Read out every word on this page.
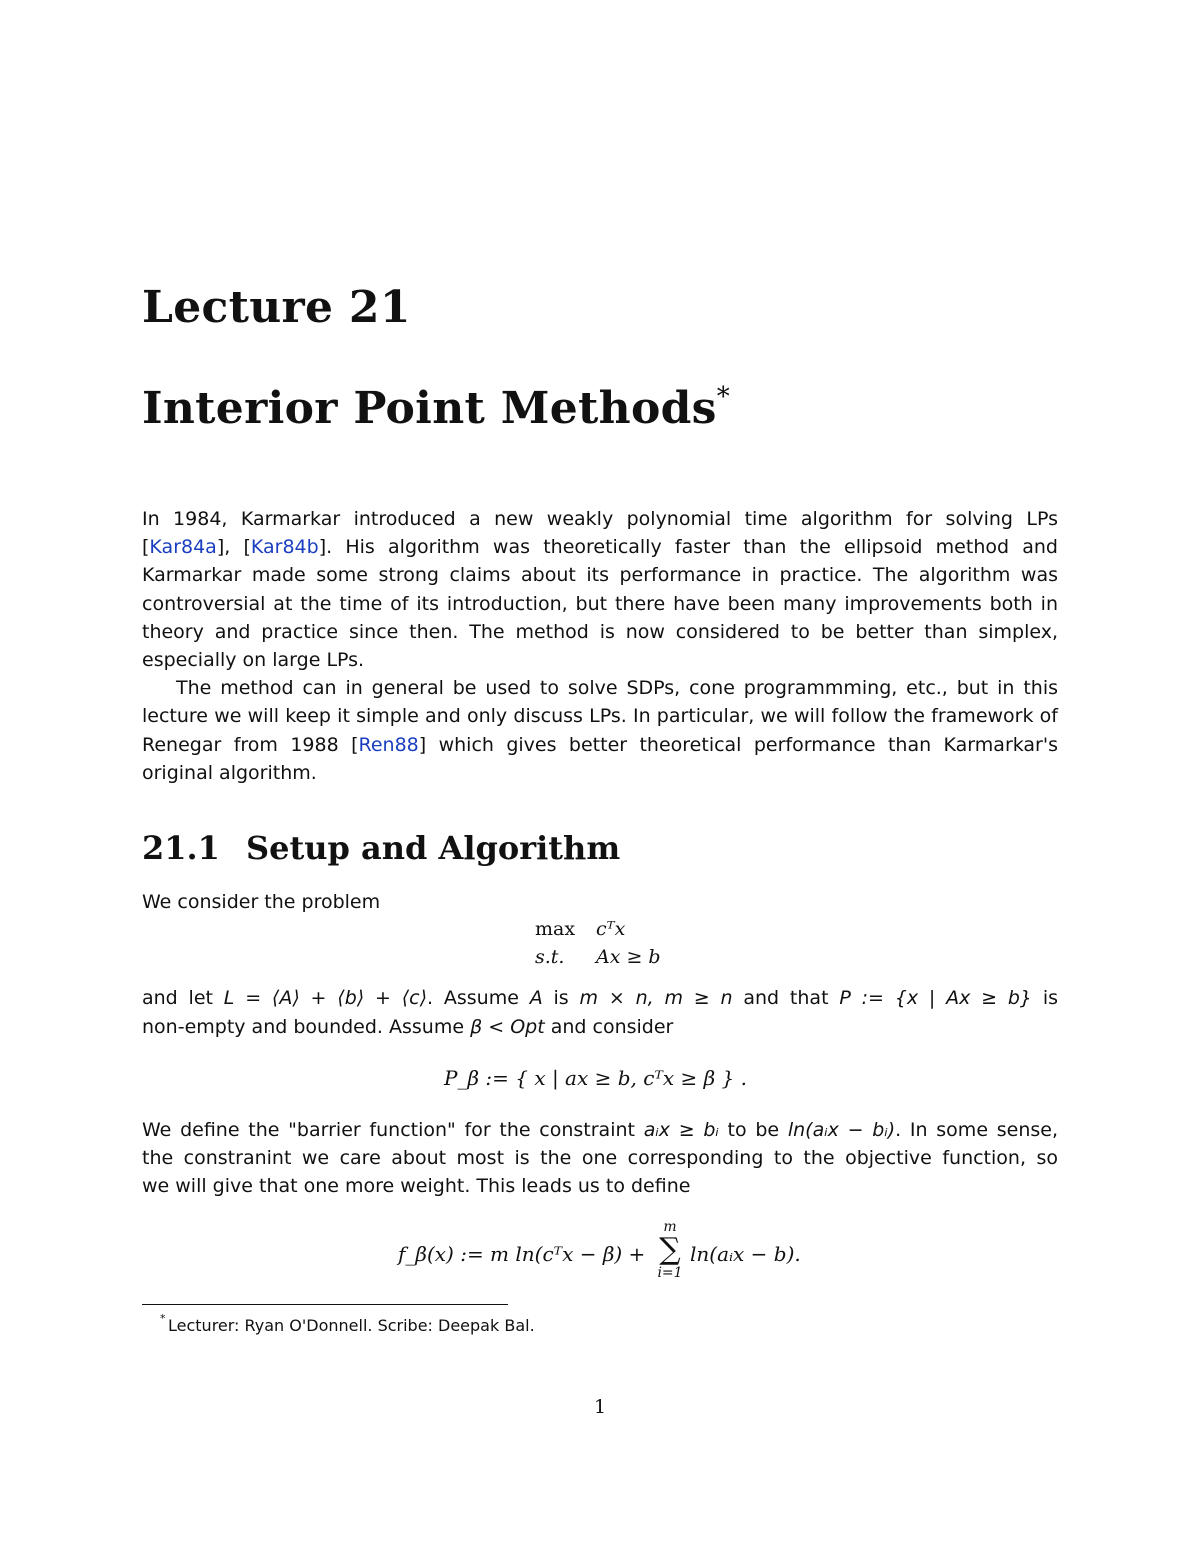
Lecture 21
Interior Point Methods*

In 1984, Karmarkar introduced a new weakly polynomial time algorithm for solving LPs [Kar84a], [Kar84b]. His algorithm was theoretically faster than the ellipsoid method and Karmarkar made some strong claims about its performance in practice. The algorithm was controversial at the time of its introduction, but there have been many improvements both in theory and practice since then. The method is now considered to be better than simplex, especially on large LPs.

The method can in general be used to solve SDPs, cone programmming, etc., but in this lecture we will keep it simple and only discuss LPs. In particular, we will follow the framework of Renegar from 1988 [Ren88] which gives better theoretical performance than Karmarkar's original algorithm.

21.1 Setup and Algorithm
We consider the problem
max cᵀx
s.t. Ax ≥ b

and let L = ⟨A⟩ + ⟨b⟩ + ⟨c⟩. Assume A is m × n, m ≥ n and that P := {x | Ax ≥ b} is

non-empty and bounded. Assume β < Opt and consider
P_β := { x | ax ≥ b, cᵀx ≥ β } .

We define the "barrier function" for the constraint aᵢx ≥ bᵢ to be ln(aᵢx − bᵢ). In some sense,

the constranint we care about most is the one corresponding to the objective function, so

we will give that one more weight. This leads us to define

f_β(x) := m ln(cᵀx − β) +
m
∑
i=1
ln(aᵢx − b).
* Lecturer: Ryan O'Donnell. Scribe: Deepak Bal.
1
